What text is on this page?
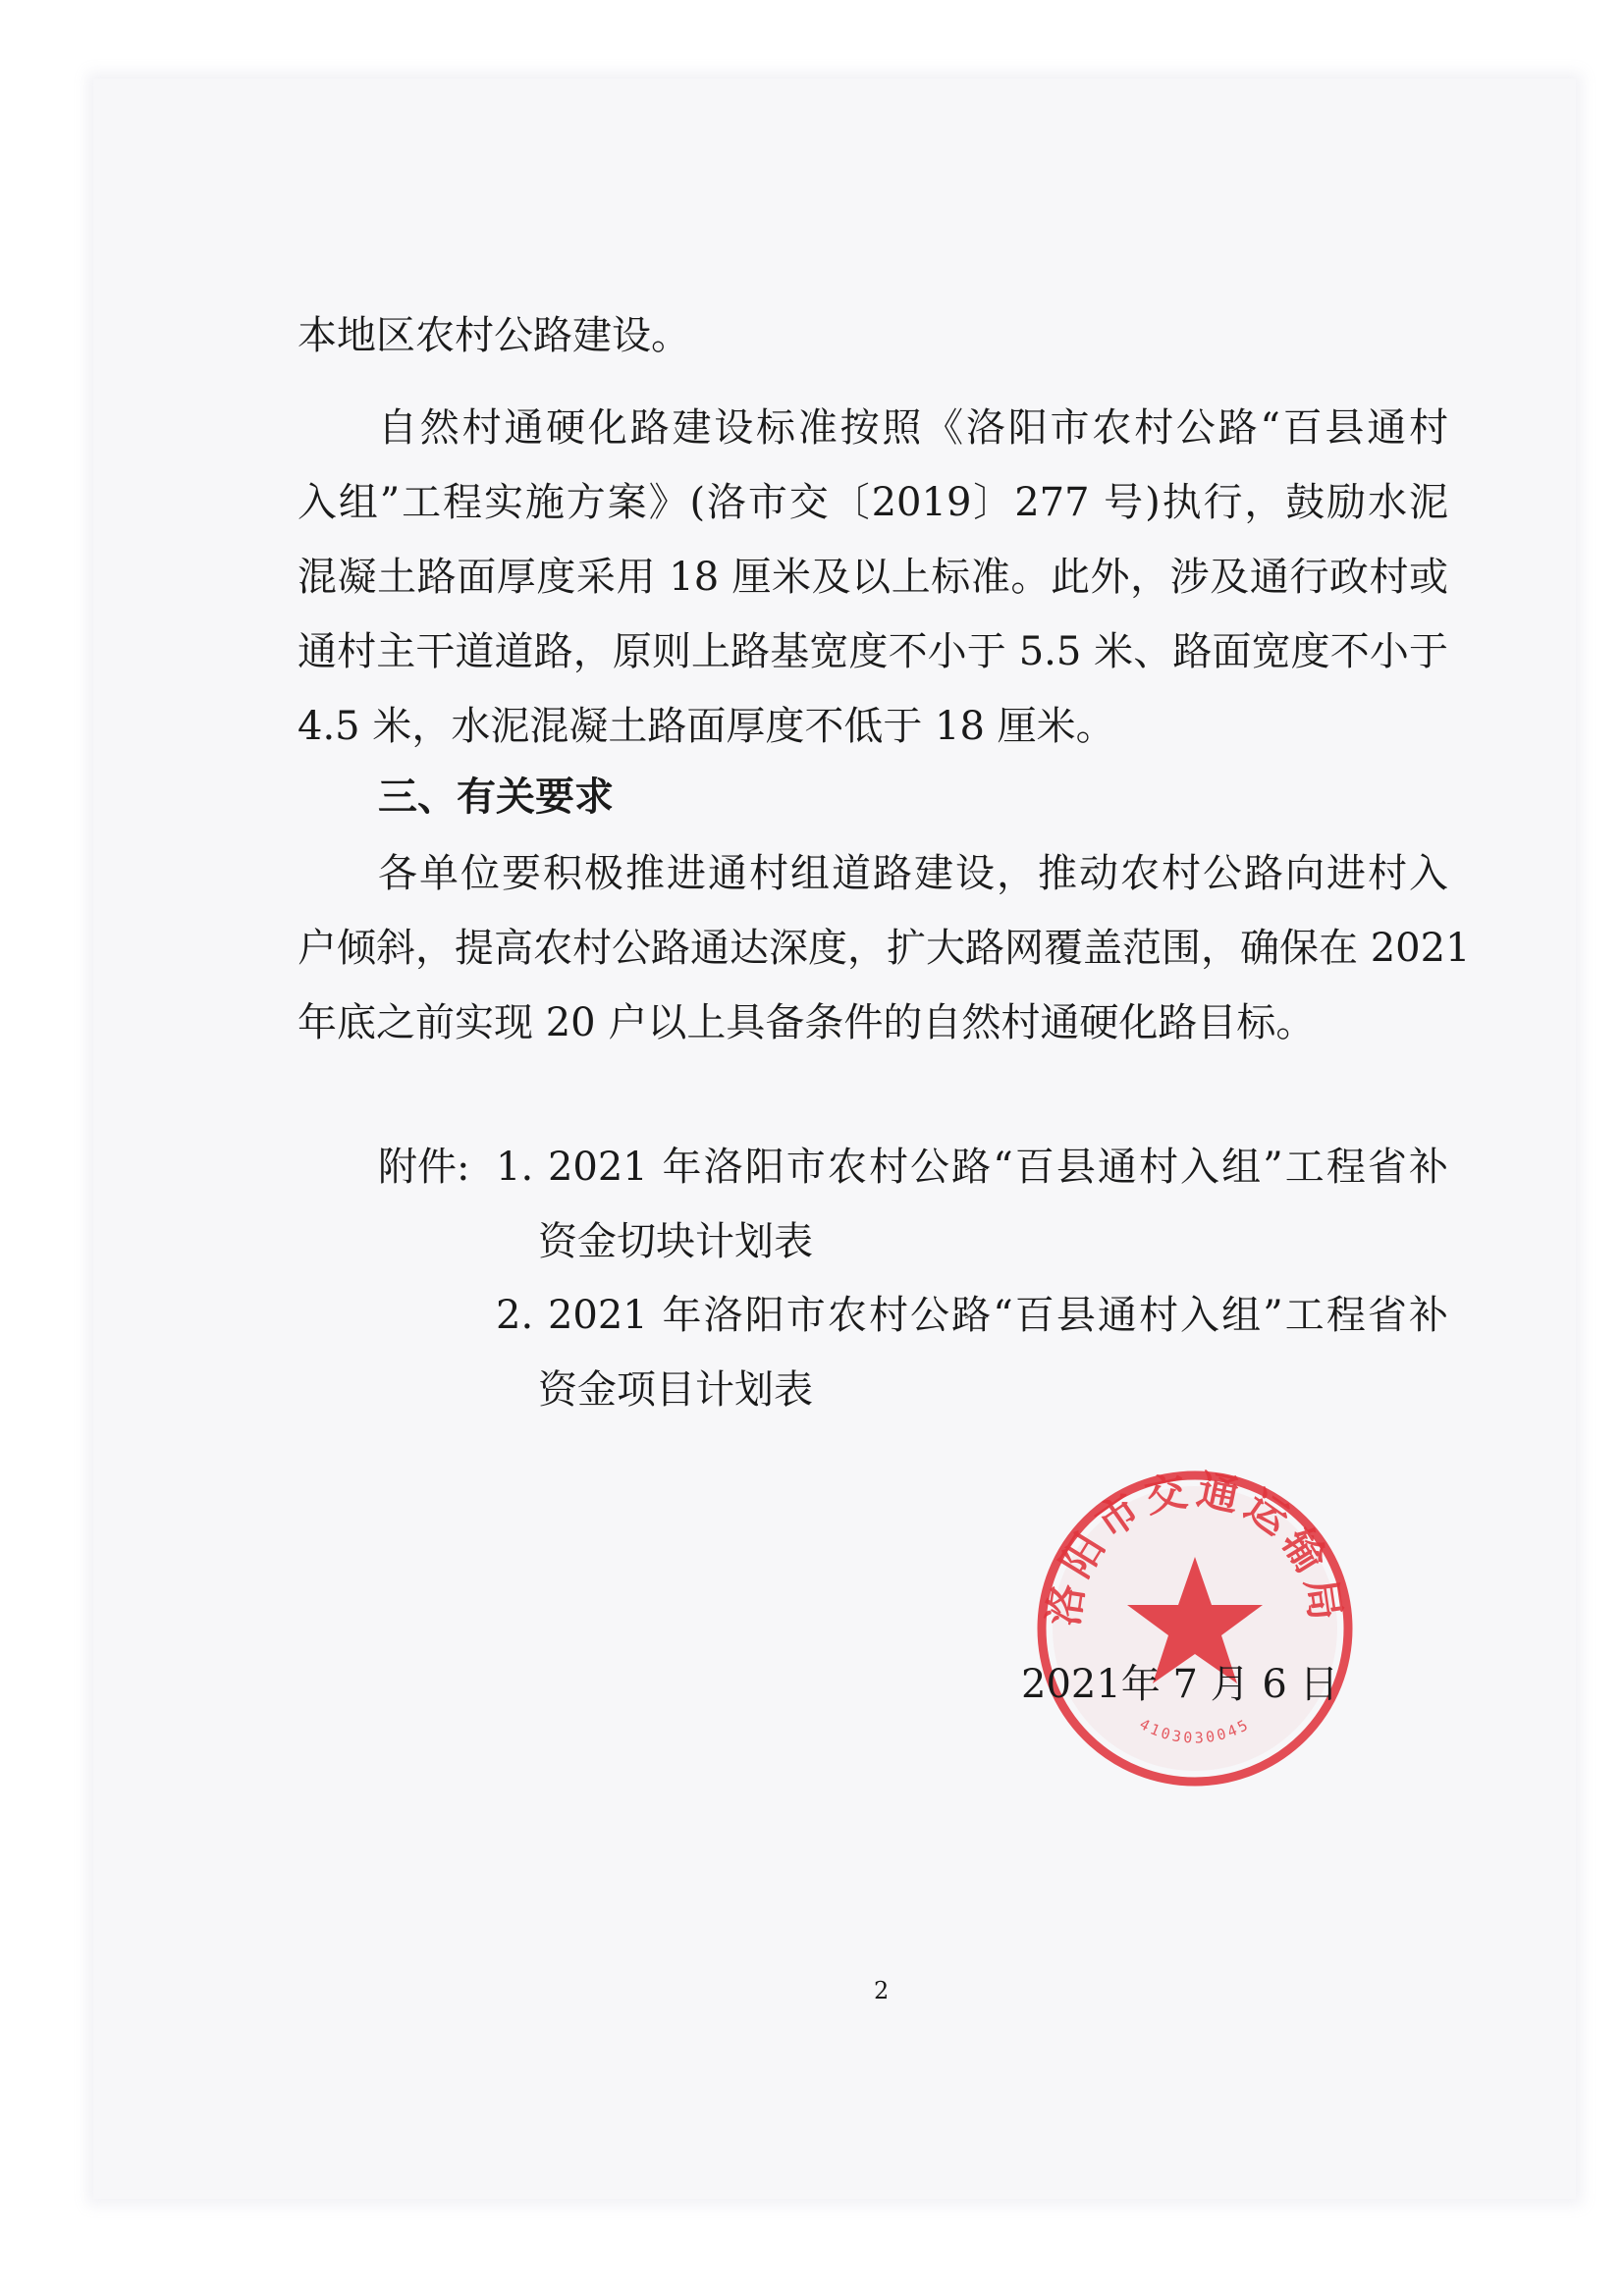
本地区农村公路建设。
自然村通硬化路建设标准按照《洛阳市农村公路“百县通村
入组”工程实施方案》(洛市交〔2019〕277 号)执行，鼓励水泥
混凝土路面厚度采用 18 厘米及以上标准。此外，涉及通行政村或
通村主干道道路，原则上路基宽度不小于 5.5 米、路面宽度不小于
4.5 米，水泥混凝土路面厚度不低于 18 厘米。
三、有关要求
各单位要积极推进通村组道路建设，推动农村公路向进村入
户倾斜，提高农村公路通达深度，扩大路网覆盖范围，确保在 2021
年底之前实现 20 户以上具备条件的自然村通硬化路目标。
附件: 1. 2021 年洛阳市农村公路“百县通村入组”工程省补
资金切块计划表
2. 2021 年洛阳市农村公路“百县通村入组”工程省补
资金项目计划表
洛阳市交通运输局
4103030045
2021年 7 月 6 日
2
